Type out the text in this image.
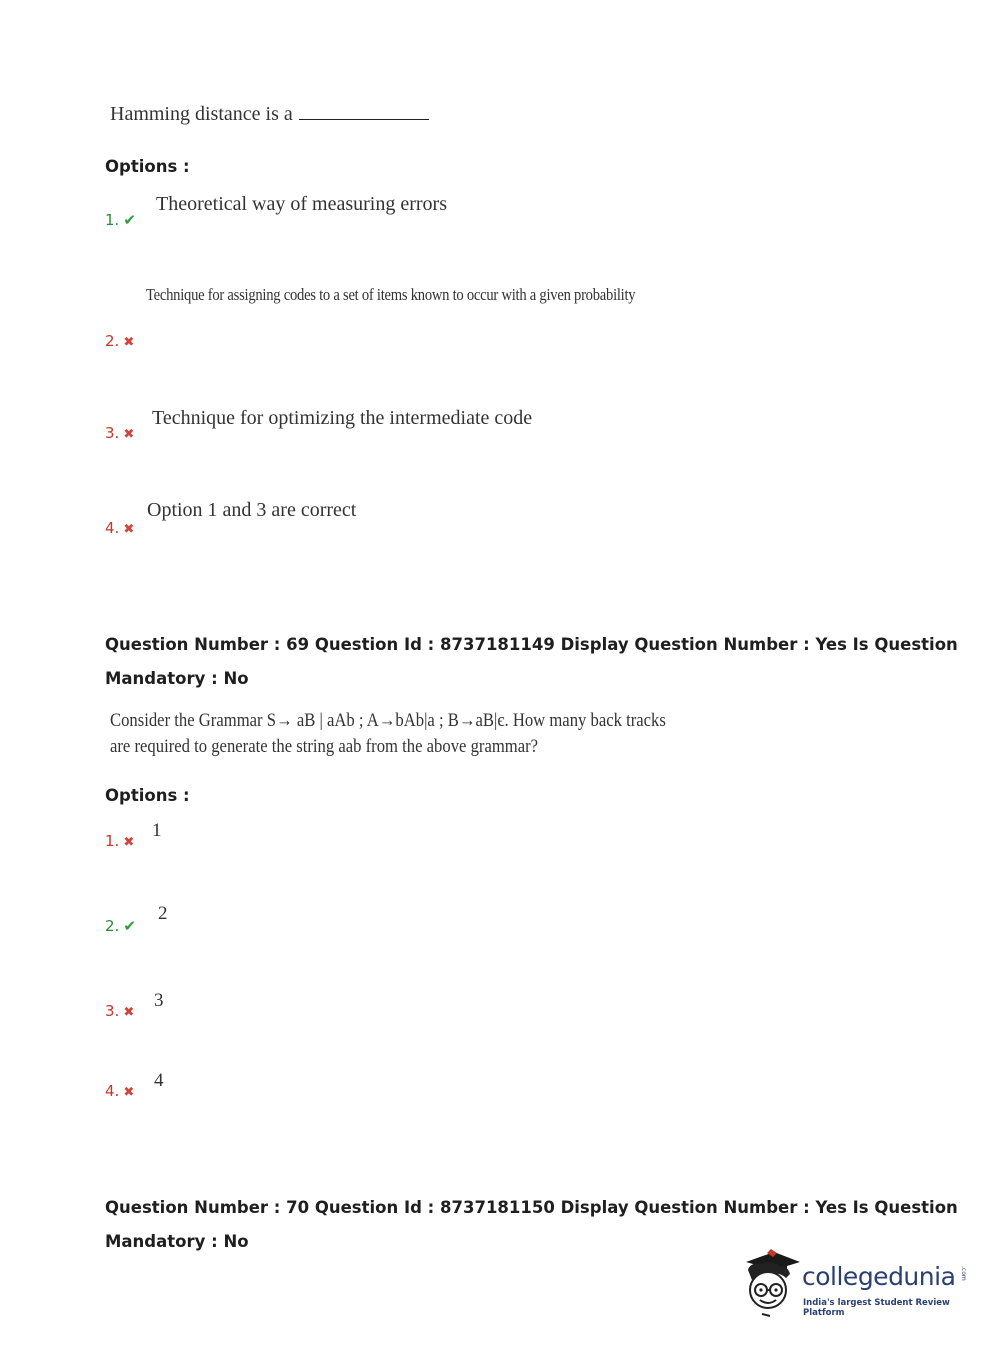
Hamming distance is a
Options :
1. ✔
Theoretical way of measuring errors
Technique for assigning codes to a set of items known to occur with a given probability
2. ✖
Technique for optimizing the intermediate code
3. ✖
Option 1 and 3 are correct
4. ✖
Question Number : 69 Question Id : 8737181149 Display Question Number : Yes Is Question
Mandatory : No
Consider the Grammar S→ aB | aAb ; A→bAb|a ; B→aB|є. How many back tracks
are required to generate the string aab from the above grammar?
Options :
1. ✖
1
2. ✔
2
3. ✖
3
4. ✖
4
Question Number : 70 Question Id : 8737181150 Display Question Number : Yes Is Question
Mandatory : No
collegedunia .com
India's largest Student Review Platform
